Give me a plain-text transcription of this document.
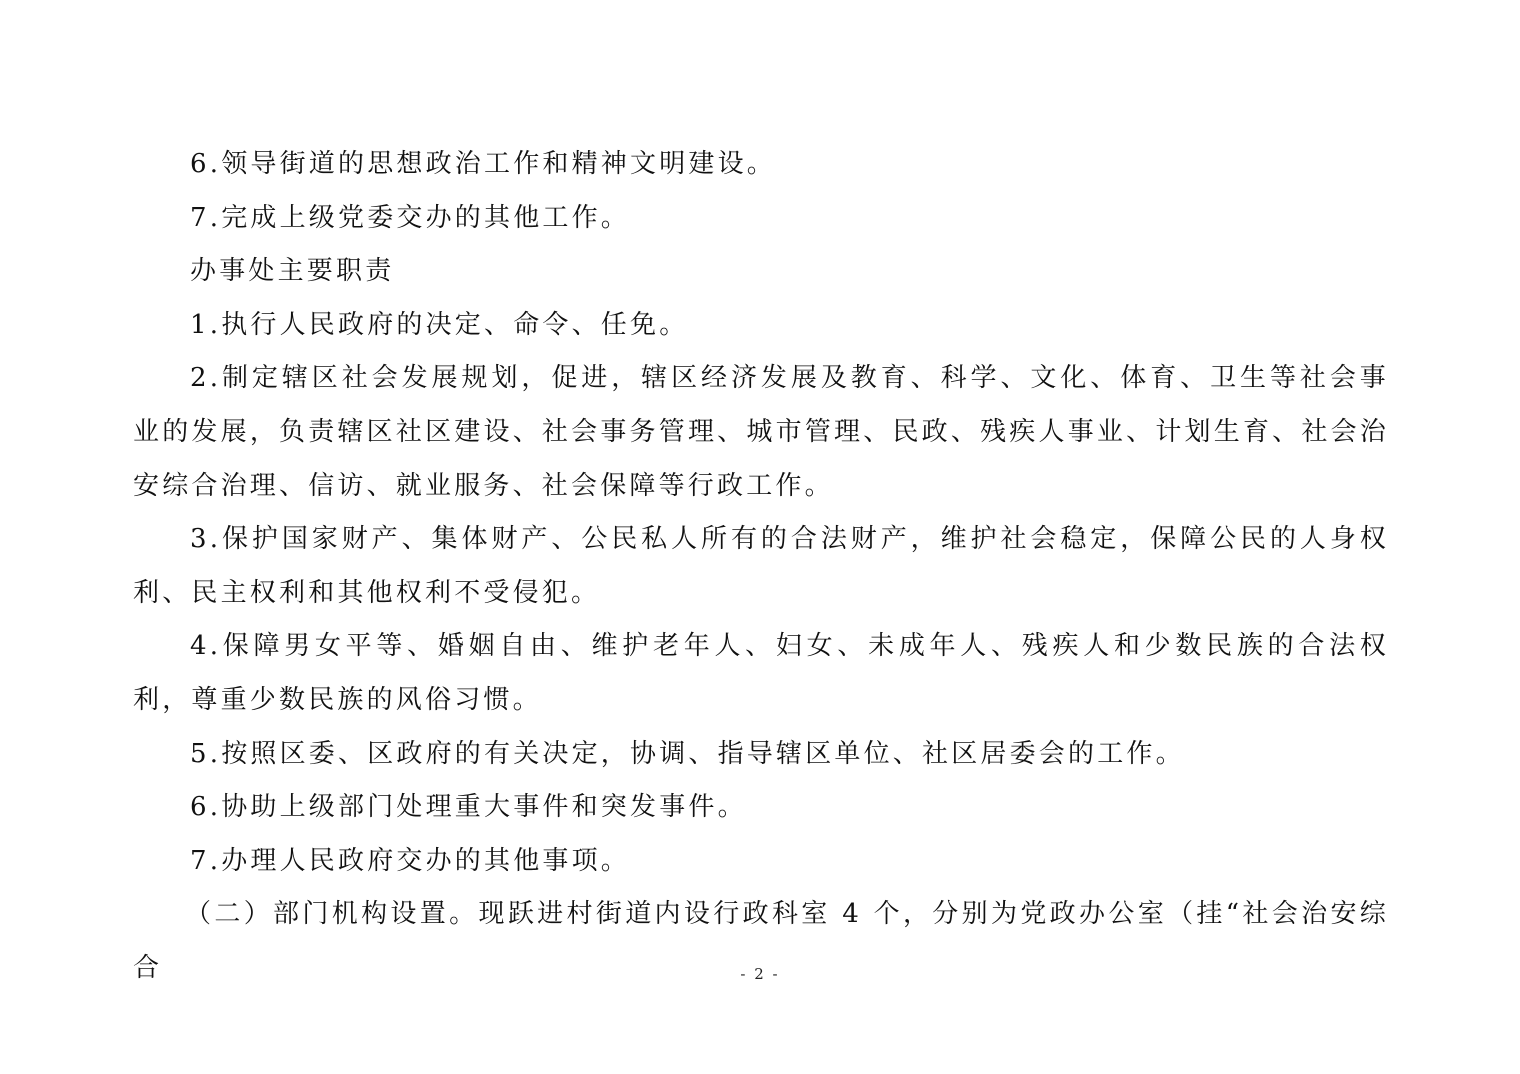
6.领导街道的思想政治工作和精神文明建设。

7.完成上级党委交办的其他工作。

办事处主要职责

1.执行人民政府的决定、命令、任免。

2.制定辖区社会发展规划，促进，辖区经济发展及教育、科学、文化、体育、卫生等社会事业的发展，负责辖区社区建设、社会事务管理、城市管理、民政、残疾人事业、计划生育、社会治安综合治理、信访、就业服务、社会保障等行政工作。

3.保护国家财产、集体财产、公民私人所有的合法财产，维护社会稳定，保障公民的人身权利、民主权利和其他权利不受侵犯。

4.保障男女平等、婚姻自由、维护老年人、妇女、未成年人、残疾人和少数民族的合法权利，尊重少数民族的风俗习惯。

5.按照区委、区政府的有关决定，协调、指导辖区单位、社区居委会的工作。

6.协助上级部门处理重大事件和突发事件。

7.办理人民政府交办的其他事项。

（二）部门机构设置。现跃进村街道内设行政科室 4 个，分别为党政办公室（挂“社会治安综合	- 2 -
